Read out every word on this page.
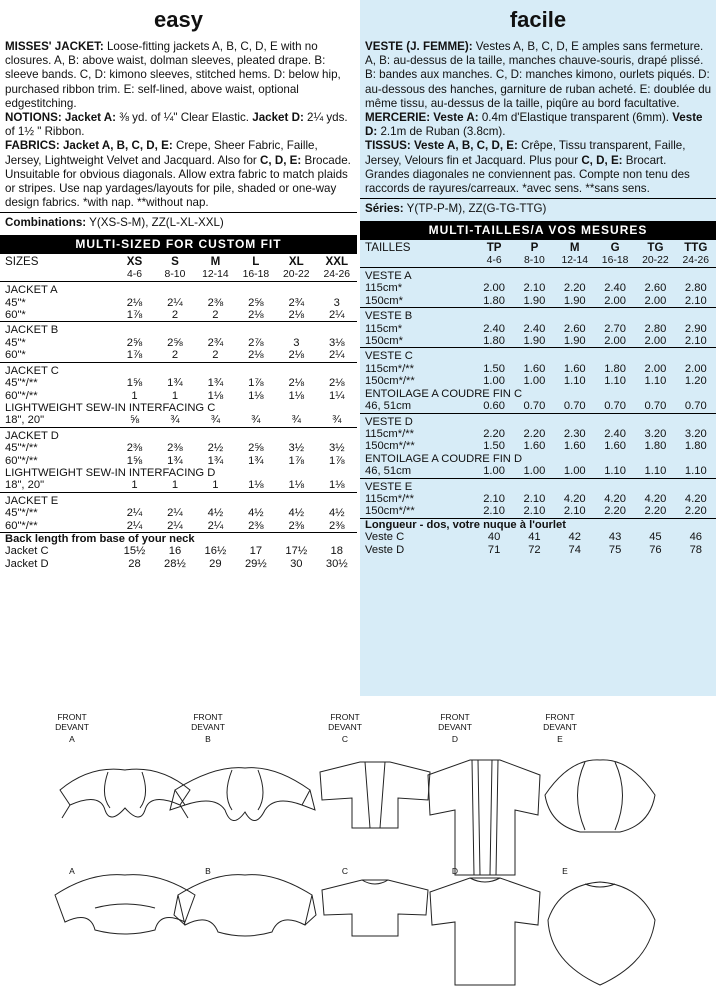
easy

MISSES' JACKET: Loose-fitting jackets A, B, C, D, E with no closures. A, B: above waist, dolman sleeves, pleated drape. B: sleeve bands. C, D: kimono sleeves, stitched hems. D: below hip, purchased ribbon trim. E: self-lined, above waist, optional edgestitching.

NOTIONS: Jacket A: ⅜ yd. of ¼" Clear Elastic. Jacket D: 2¼ yds. of 1½ " Ribbon.

FABRICS: Jacket A, B, C, D, E: Crepe, Sheer Fabric, Faille, Jersey, Lightweight Velvet and Jacquard. Also for C, D, E: Brocade. Unsuitable for obvious diagonals. Allow extra fabric to match plaids or stripes. Use nap yardages/layouts for pile, shaded or one-way design fabrics. *with nap. **without nap.

Combinations: Y(XS-S-M), ZZ(L-XL-XXL)
MULTI-SIZED FOR CUSTOM FIT
SIZES	XS	S	M	L	XL	XXL
	4-6	8-10	12-14	16-18	20-22	24-26
JACKET A						
45"*	2⅛	2¼	2⅜	2⅝	2¾	3
60"*	1⅞	2	2	2⅛	2⅛	2¼
JACKET B						
45"*	2⅝	2⅝	2¾	2⅞	3	3⅛
60"*	1⅞	2	2	2⅛	2⅛	2¼
JACKET C						
45"*/**	1⅝	1¾	1¾	1⅞	2⅛	2⅛
60"*/**	1	1	1⅛	1⅛	1⅛	1¼
LIGHTWEIGHT SEW-IN INTERFACING C						
18", 20"	⅝	¾	¾	¾	¾	¾
JACKET D						
45"*/**	2⅜	2⅜	2½	2⅝	3½	3½
60"*/**	1⅝	1¾	1¾	1¾	1⅞	1⅞
LIGHTWEIGHT SEW-IN INTERFACING D						
18", 20"	1	1	1	1⅛	1⅛	1⅛
JACKET E						
45"*/**	2¼	2¼	4½	4½	4½	4½
60"*/**	2¼	2¼	2¼	2⅜	2⅜	2⅜
Back length from base of your neck						
Jacket C	15½	16	16½	17	17½	18
Jacket D	28	28½	29	29½	30	30½
facile

VESTE (J. FEMME): Vestes A, B, C, D, E amples sans fermeture. A, B: au-dessus de la taille, manches chauve-souris, drapé plissé. B: bandes aux manches. C, D: manches kimono, ourlets piqués. D: au-dessous des hanches, garniture de ruban acheté. E: doublée du même tissu, au-dessus de la taille, piqûre au bord facultative.

MERCERIE: Veste A: 0.4m d'Elastique transparent (6mm). Veste D: 2.1m de Ruban (3.8cm).

TISSUS: Veste A, B, C, D, E: Crêpe, Tissu transparent, Faille, Jersey, Velours fin et Jacquard. Plus pour C, D, E: Brocart. Grandes diagonales ne conviennent pas. Compte non tenu des raccords de rayures/carreaux. *avec sens. **sans sens.

Séries: Y(TP-P-M), ZZ(G-TG-TTG)
MULTI-TAILLES/A VOS MESURES
TAILLES	TP	P	M	G	TG	TTG
	4-6	8-10	12-14	16-18	20-22	24-26
VESTE A						
115cm*	2.00	2.10	2.20	2.40	2.60	2.80
150cm*	1.80	1.90	1.90	2.00	2.00	2.10
VESTE B						
115cm*	2.40	2.40	2.60	2.70	2.80	2.90
150cm*	1.80	1.90	1.90	2.00	2.00	2.10
VESTE C						
115cm*/**	1.50	1.60	1.60	1.80	2.00	2.00
150cm*/**	1.00	1.00	1.10	1.10	1.10	1.20
ENTOILAGE A COUDRE FIN C						
46, 51cm	0.60	0.70	0.70	0.70	0.70	0.70
VESTE D						
115cm*/**	2.20	2.20	2.30	2.40	3.20	3.20
150cm*/**	1.50	1.60	1.60	1.60	1.80	1.80
ENTOILAGE A COUDRE FIN D						
46, 51cm	1.00	1.00	1.00	1.10	1.10	1.10
VESTE E						
115cm*/**	2.10	2.10	4.20	4.20	4.20	4.20
150cm*/**	2.10	2.10	2.10	2.20	2.20	2.20
Longueur - dos, votre nuque à l'ourlet						
Veste C	40	41	42	43	45	46
Veste D	71	72	74	75	76	78
FRONT
DEVANT
A
FRONT
DEVANT
B
FRONT
DEVANT
C
FRONT
DEVANT
D
FRONT
DEVANT
E
A	B	C	D	E
